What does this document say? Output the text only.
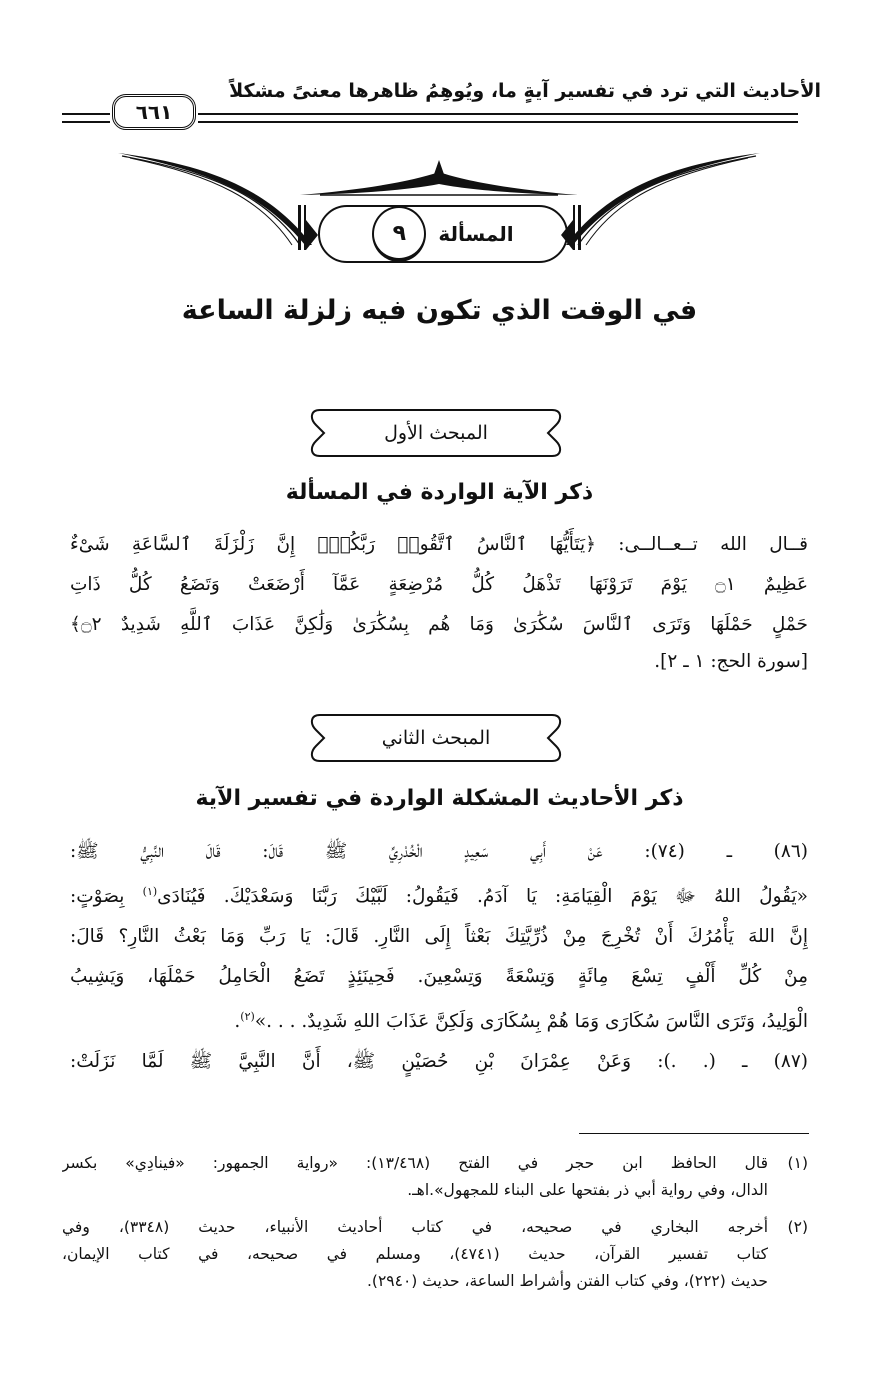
الأحاديث التي ترد في تفسير آيةٍ ما، ويُوهِمُ ظاهرها معنىً مشكلاً
٦٦١
المسألة
٩
في الوقت الذي تكون فيه زلزلة الساعة
المبحث الأول
ذكر الآية الواردة في المسألة
قــال الله تــعــالــى: ﴿يَتَأَيُّهَا ٱلنَّاسُ ٱتَّقُوا۟ رَبَّكُمْۚ إِنَّ زَلْزَلَةَ ٱلسَّاعَةِ شَىْءٌ
عَظِيمٌ ۝١ يَوْمَ تَرَوْنَهَا تَذْهَلُ كُلُّ مُرْضِعَةٍ عَمَّآ أَرْضَعَتْ وَتَضَعُ كُلُّ ذَاتِ
حَمْلٍ حَمْلَهَا وَتَرَى ٱلنَّاسَ سُكَٰرَىٰ وَمَا هُم بِسُكَٰرَىٰ وَلَٰكِنَّ عَذَابَ ٱللَّهِ شَدِيدٌ ۝٢﴾
[سورة الحج: ١ ـ ٢].
المبحث الثاني
ذكر الأحاديث المشكلة الواردة في تفسير الآية
(٨٦) ـ (٧٤): عَنْ أَبِي سَعِيدٍ الْخُدْرِيِّ ﷺ قَالَ: قَالَ النَّبِيُّ ﷺ:
«يَقُولُ اللهُ ﷻ يَوْمَ الْقِيَامَةِ: يَا آدَمُ. فَيَقُولُ: لَبَّيْكَ رَبَّنَا وَسَعْدَيْكَ. فَيُنَادَى$^{(١)}$ بِصَوْتٍ:
إِنَّ اللهَ يَأْمُرُكَ أَنْ تُخْرِجَ مِنْ ذُرِّيَّتِكَ بَعْثاً إِلَى النَّارِ. قَالَ: يَا رَبِّ وَمَا بَعْثُ النَّارِ؟ قَالَ:
مِنْ كُلِّ أَلْفٍ تِسْعَ مِائَةٍ وَتِسْعَةً وَتِسْعِينَ. فَحِينَئِذٍ تَضَعُ الْحَامِلُ حَمْلَهَا، وَيَشِيبُ
الْوَلِيدُ، وَتَرَى النَّاسَ سُكَارَى وَمَا هُمْ بِسُكَارَى وَلَكِنَّ عَذَابَ اللهِ شَدِيدٌ. . . .»$^{(٢)}$.
(٨٧) ـ (. .): وَعَنْ عِمْرَانَ بْنِ حُصَيْنٍ ﷺ، أَنَّ النَّبِيَّ ﷺ لَمَّا نَزَلَتْ:
(١)
قال الحافظ ابن حجر في الفتح (١٣/٤٦٨): «رواية الجمهور: «فينادِي» بكسر
الدال، وفي رواية أبي ذر بفتحها على البناء للمجهول».اهـ.
(٢)
أخرجه البخاري في صحيحه، في كتاب أحاديث الأنبياء، حديث (٣٣٤٨)، وفي
كتاب تفسير القرآن، حديث (٤٧٤١)، ومسلم في صحيحه، في كتاب الإيمان،
حديث (٢٢٢)، وفي كتاب الفتن وأشراط الساعة، حديث (٢٩٤٠).
